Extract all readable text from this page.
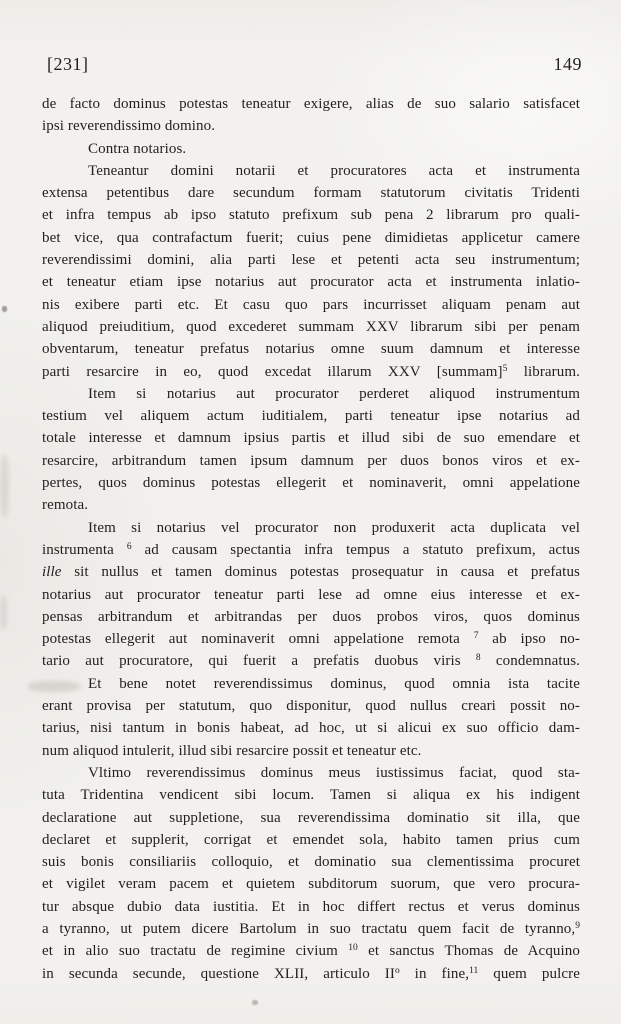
[231]	149
de facto dominus potestas teneatur exigere, alias de suo salario satisfacet
ipsi reverendissimo domino.
Contra notarios.
Teneantur domini notarii et procuratores acta et instrumenta
extensa petentibus dare secundum formam statutorum civitatis Tridenti
et infra tempus ab ipso statuto prefixum sub pena 2 librarum pro quali-
bet vice, qua contrafactum fuerit; cuius pene dimidietas applicetur camere
reverendissimi domini, alia parti lese et petenti acta seu instrumentum;
et teneatur etiam ipse notarius aut procurator acta et instrumenta inlatio-
nis exibere parti etc. Et casu quo pars incurrisset aliquam penam aut
aliquod preiuditium, quod excederet summam XXV librarum sibi per penam
obventarum, teneatur prefatus notarius omne suum damnum et interesse
parti resarcire in eo, quod excedat illarum XXV [summam]$^5$ librarum.
Item si notarius aut procurator perderet aliquod instrumentum
testium vel aliquem actum iuditialem, parti teneatur ipse notarius ad
totale interesse et damnum ipsius partis et illud sibi de suo emendare et
resarcire, arbitrandum tamen ipsum damnum per duos bonos viros et ex-
pertes, quos dominus potestas ellegerit et nominaverit, omni appelatione
remota.
Item si notarius vel procurator non produxerit acta duplicata vel
instrumenta $^6$ ad causam spectantia infra tempus a statuto prefixum, actus
ille sit nullus et tamen dominus potestas prosequatur in causa et prefatus
notarius aut procurator teneatur parti lese ad omne eius interesse et ex-
pensas arbitrandum et arbitrandas per duos probos viros, quos dominus
potestas ellegerit aut nominaverit omni appelatione remota $^7$ ab ipso no-
tario aut procuratore, qui fuerit a prefatis duobus viris $^8$ condemnatus.
Et bene notet reverendissimus dominus, quod omnia ista tacite
erant provisa per statutum, quo disponitur, quod nullus creari possit no-
tarius, nisi tantum in bonis habeat, ad hoc, ut si alicui ex suo officio dam-
num aliquod intulerit, illud sibi resarcire possit et teneatur etc.
Vltimo reverendissimus dominus meus iustissimus faciat, quod sta-
tuta Tridentina vendicent sibi locum. Tamen si aliqua ex his indigent
declaratione aut suppletione, sua reverendissima dominatio sit illa, que
declaret et supplerit, corrigat et emendet sola, habito tamen prius cum
suis bonis consiliariis colloquio, et dominatio sua clementissima procuret
et vigilet veram pacem et quietem subditorum suorum, que vero procura-
tur absque dubio data iustitia. Et in hoc differt rectus et verus dominus
a tyranno, ut putem dicere Bartolum in suo tractatu quem facit de tyranno,$^9$
et in alio suo tractatu de regimine civium $^{10}$ et sanctus Thomas de Acquino
in secunda secunde, questione XLII, articulo $II^o$ in fine,$^{11}$ quem pulcre
